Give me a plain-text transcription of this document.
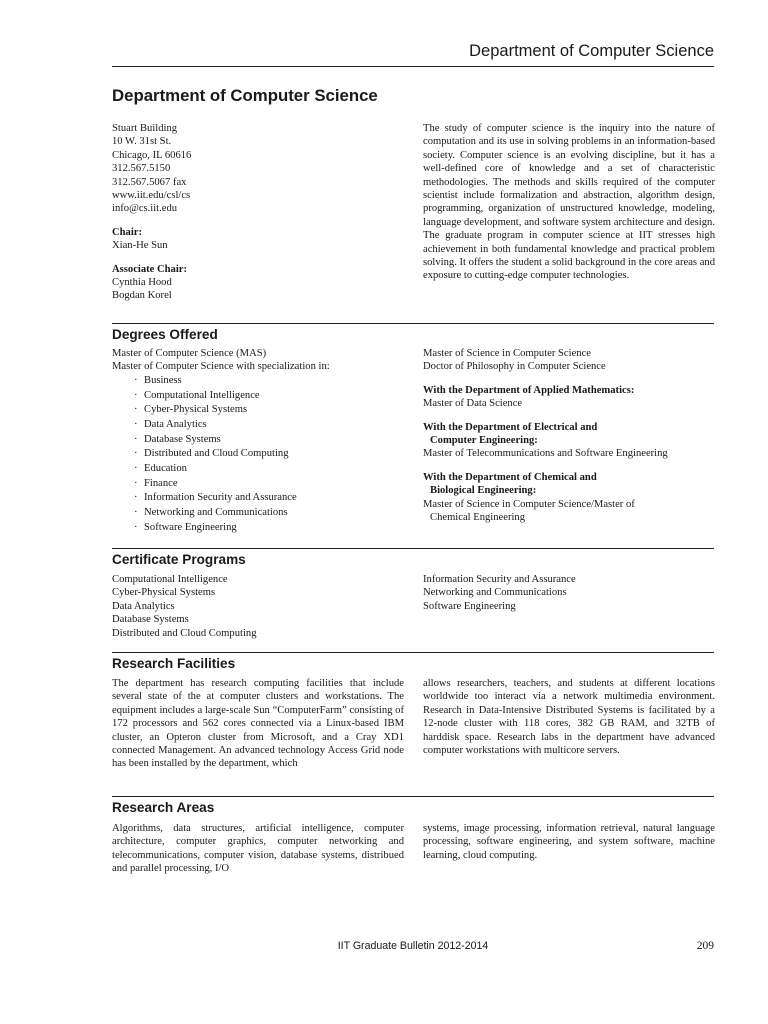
Department of Computer Science
Department of Computer Science
Stuart Building
10 W. 31st St.
Chicago, IL 60616
312.567.5150
312.567.5067 fax
www.iit.edu/csl/cs
info@cs.iit.edu
Chair:
Xian-He Sun
Associate Chair:
Cynthia Hood
Bogdan Korel
The study of computer science is the inquiry into the nature of computation and its use in solving problems in an information-based society. Computer science is an evolving discipline, but it has a well-defined core of knowledge and a set of characteristic methodologies. The methods and skills required of the computer scientist include formalization and abstraction, algorithm design, programming, organization of unstructured knowledge, modeling, language development, and software system architecture and design. The graduate program in computer science at IIT stresses high achievement in both fundamental knowledge and practical problem solving. It offers the student a solid background in the core areas and exposure to cutting-edge computer technologies.
Degrees Offered
Master of Computer Science (MAS)
Master of Computer Science with specialization in:
· Business
· Computational Intelligence
· Cyber-Physical Systems
· Data Analytics
· Database Systems
· Distributed and Cloud Computing
· Education
· Finance
· Information Security and Assurance
· Networking and Communications
· Software Engineering
Master of Science in Computer Science
Doctor of Philosophy in Computer Science
With the Department of Applied Mathematics:
Master of Data Science
With the Department of Electrical and
Computer Engineering:
Master of Telecommunications and Software Engineering
With the Department of Chemical and
Biological Engineering:
Master of Science in Computer Science/Master of
Chemical Engineering
Certificate Programs
Computational Intelligence
Cyber-Physical Systems
Data Analytics
Database Systems
Distributed and Cloud Computing
Information Security and Assurance
Networking and Communications
Software Engineering
Research Facilities
The department has research computing facilities that include several state of the at computer clusters and workstations. The equipment includes a large-scale Sun “ComputerFarm” consisting of 172 processors and 562 cores connected via a Linux-based IBM cluster, an Opteron cluster from Microsoft, and a Cray XD1 connected Management. An advanced technology Access Grid node has been installed by the department, which
allows researchers, teachers, and students at different locations worldwide too interact via a network multimedia environment. Research in Data-Intensive Distributed Systems is facilitated by a 12-node cluster with 118 cores, 382 GB RAM, and 32TB of harddisk space. Research labs in the department have advanced computer workstations with multicore servers.
Research Areas
Algorithms, data structures, artificial intelligence, computer architecture, computer graphics, computer networking and telecommunications, computer vision, database systems, distribued and parallel processing, I/O
systems, image processing, information retrieval, natural language processing, software engineering, and system software, machine learning, cloud computing.
IIT Graduate Bulletin 2012-2014	209
